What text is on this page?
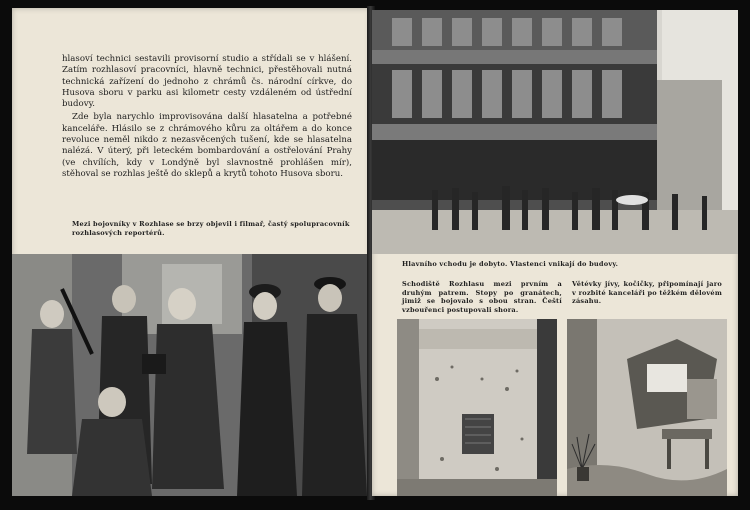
hlasoví technici sestavili provisorní studio a střídali se v hlášení. Zatím rozhlasoví pracovníci, hlavně technici, přestěhovali nutná technická zařízení do jednoho z chrámů čs. národní církve, do Husova sboru v parku asi kilometr cesty vzdáleném od ústřední budovy.

Zde byla narychlo improvisována další hlasatelna a potřebné kanceláře. Hlásilo se z chrámového kůru za oltářem a do konce revoluce neměl nikdo z nezasvěcených tušení, kde se hlasatelna nalézá. V úterý, při leteckém bombardování a ostřelování Prahy (ve chvílích, kdy v Londýně byl slavnostně prohlášen mír), stěhoval se rozhlas ještě do sklepů a krytů tohoto Husova sboru.

Mezi bojovníky v Rozhlase se brzy objevil i filmař, častý spolupracovník rozhlasových reportérů.
Hlavního vchodu je dobyto. Vlastenci vnikají do budovy.
Schodiště Rozhlasu mezi prvním a druhým patrem. Stopy po granátech, jimiž se bojovalo s obou stran. Čeští vzbouřenci postupovali shora.
Větévky jívy, kočičky, připomínají jaro v rozbité kanceláři po těžkém dělovém zásahu.
